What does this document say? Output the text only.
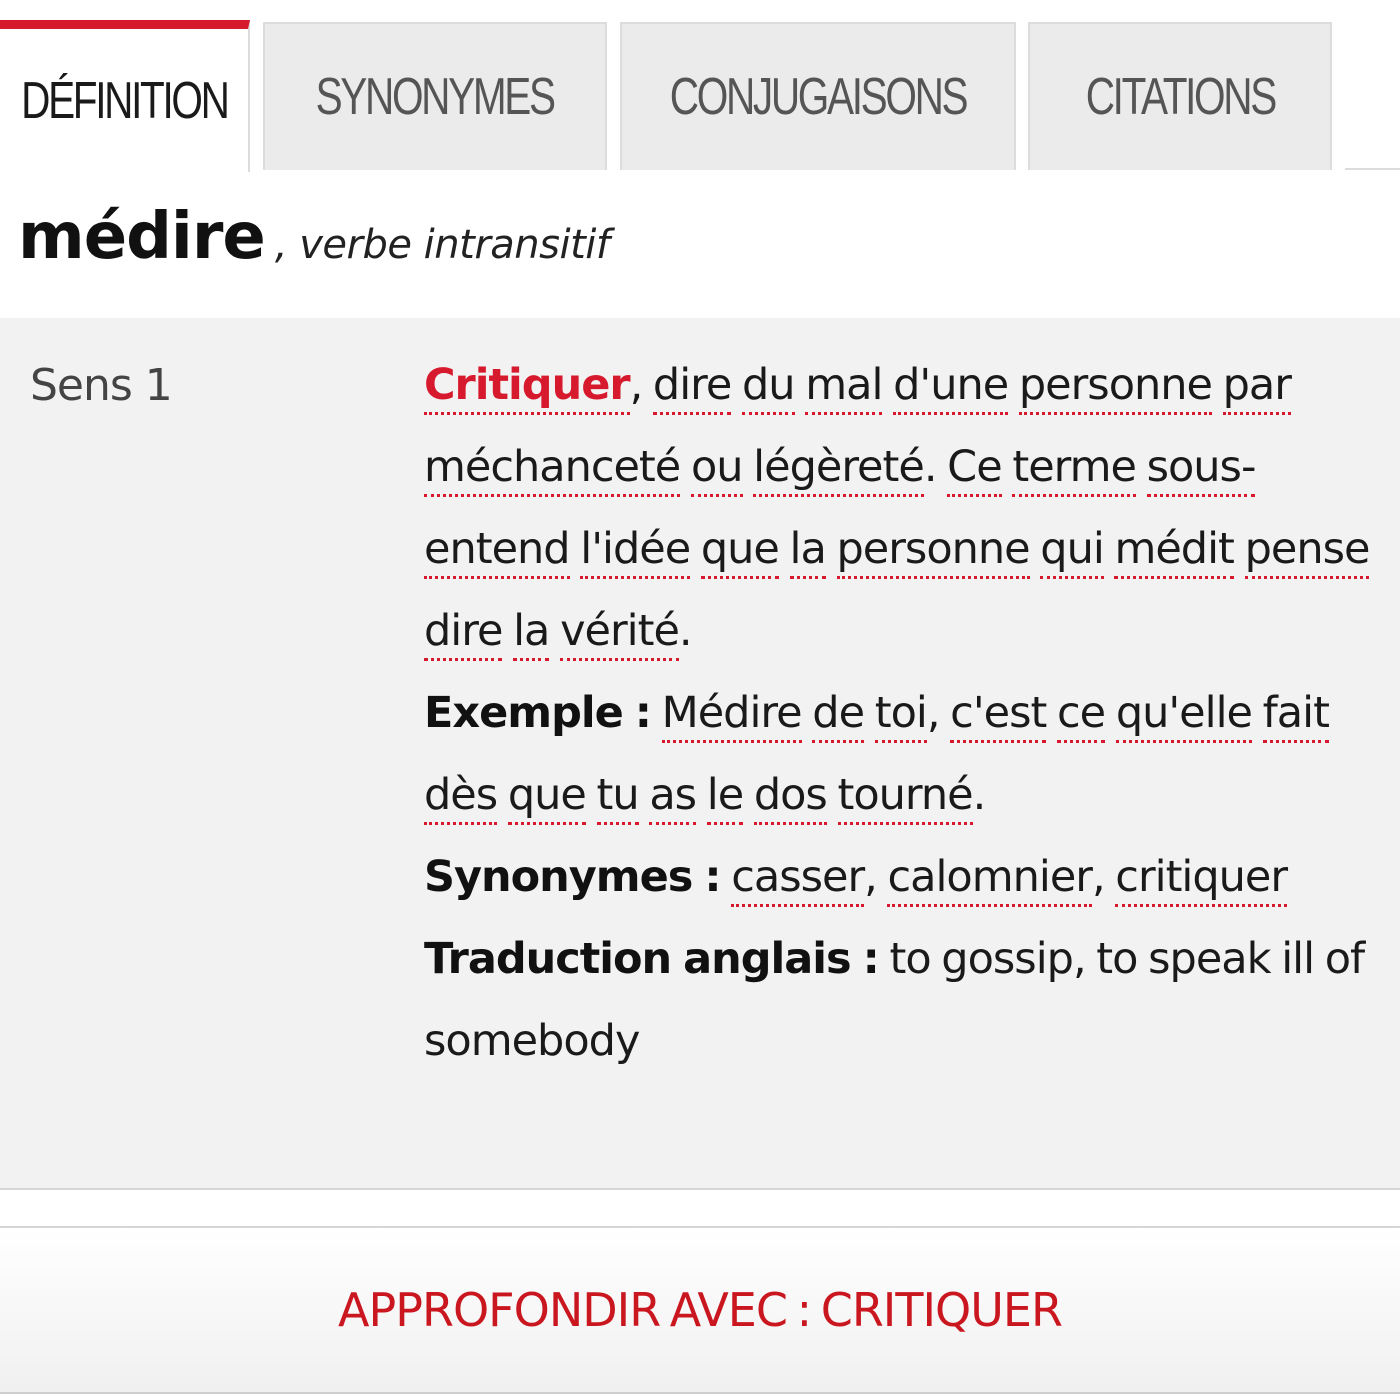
DÉFINITION SYNONYMES CONJUGAISONS CITATIONS
médire , verbe intransitif
Sens 1	Critiquer, dire du mal d'une personne par méchanceté ou légèreté. Ce terme sous-entend l'idée que la personne qui médit pense dire la vérité.

Exemple : Médire de toi, c'est ce qu'elle fait dès que tu as le dos tourné.

Synonymes : casser, calomnier, critiquer

Traduction anglais : to gossip, to speak ill of somebody

APPROFONDIR AVEC : CRITIQUER
